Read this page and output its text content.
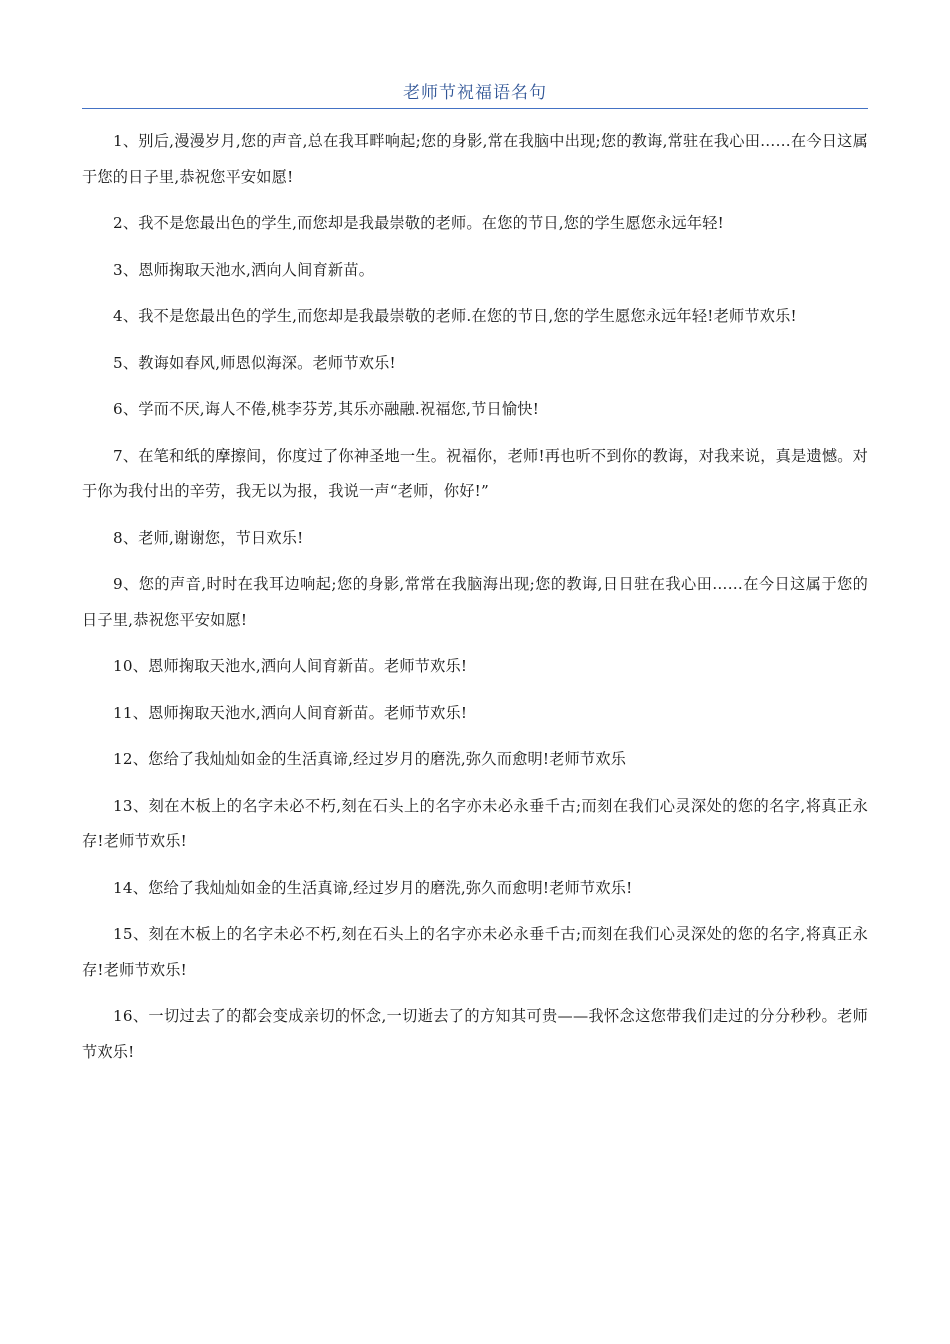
老师节祝福语名句

1、别后,漫漫岁月,您的声音,总在我耳畔响起;您的身影,常在我脑中出现;您的教诲,常驻在我心田……在今日这属于您的日子里,恭祝您平安如愿!

2、我不是您最出色的学生,而您却是我最崇敬的老师。在您的节日,您的学生愿您永远年轻!

3、恩师掬取天池水,洒向人间育新苗。

4、我不是您最出色的学生,而您却是我最崇敬的老师.在您的节日,您的学生愿您永远年轻!老师节欢乐!

5、教诲如春风,师恩似海深。老师节欢乐!

6、学而不厌,诲人不倦,桃李芬芳,其乐亦融融.祝福您,节日愉快!

7、在笔和纸的摩擦间，你度过了你神圣地一生。祝福你，老师!再也听不到你的教诲，对我来说，真是遗憾。对于你为我付出的辛劳，我无以为报，我说一声“老师，你好!”

8、老师,谢谢您，节日欢乐!

9、您的声音,时时在我耳边响起;您的身影,常常在我脑海出现;您的教诲,日日驻在我心田……在今日这属于您的日子里,恭祝您平安如愿!

10、恩师掬取天池水,洒向人间育新苗。老师节欢乐!

11、恩师掬取天池水,洒向人间育新苗。老师节欢乐!

12、您给了我灿灿如金的生活真谛,经过岁月的磨洗,弥久而愈明!老师节欢乐

13、刻在木板上的名字未必不朽,刻在石头上的名字亦未必永垂千古;而刻在我们心灵深处的您的名字,将真正永存!老师节欢乐!

14、您给了我灿灿如金的生活真谛,经过岁月的磨洗,弥久而愈明!老师节欢乐!

15、刻在木板上的名字未必不朽,刻在石头上的名字亦未必永垂千古;而刻在我们心灵深处的您的名字,将真正永存!老师节欢乐!

16、一切过去了的都会变成亲切的怀念,一切逝去了的方知其可贵——我怀念这您带我们走过的分分秒秒。老师节欢乐!
